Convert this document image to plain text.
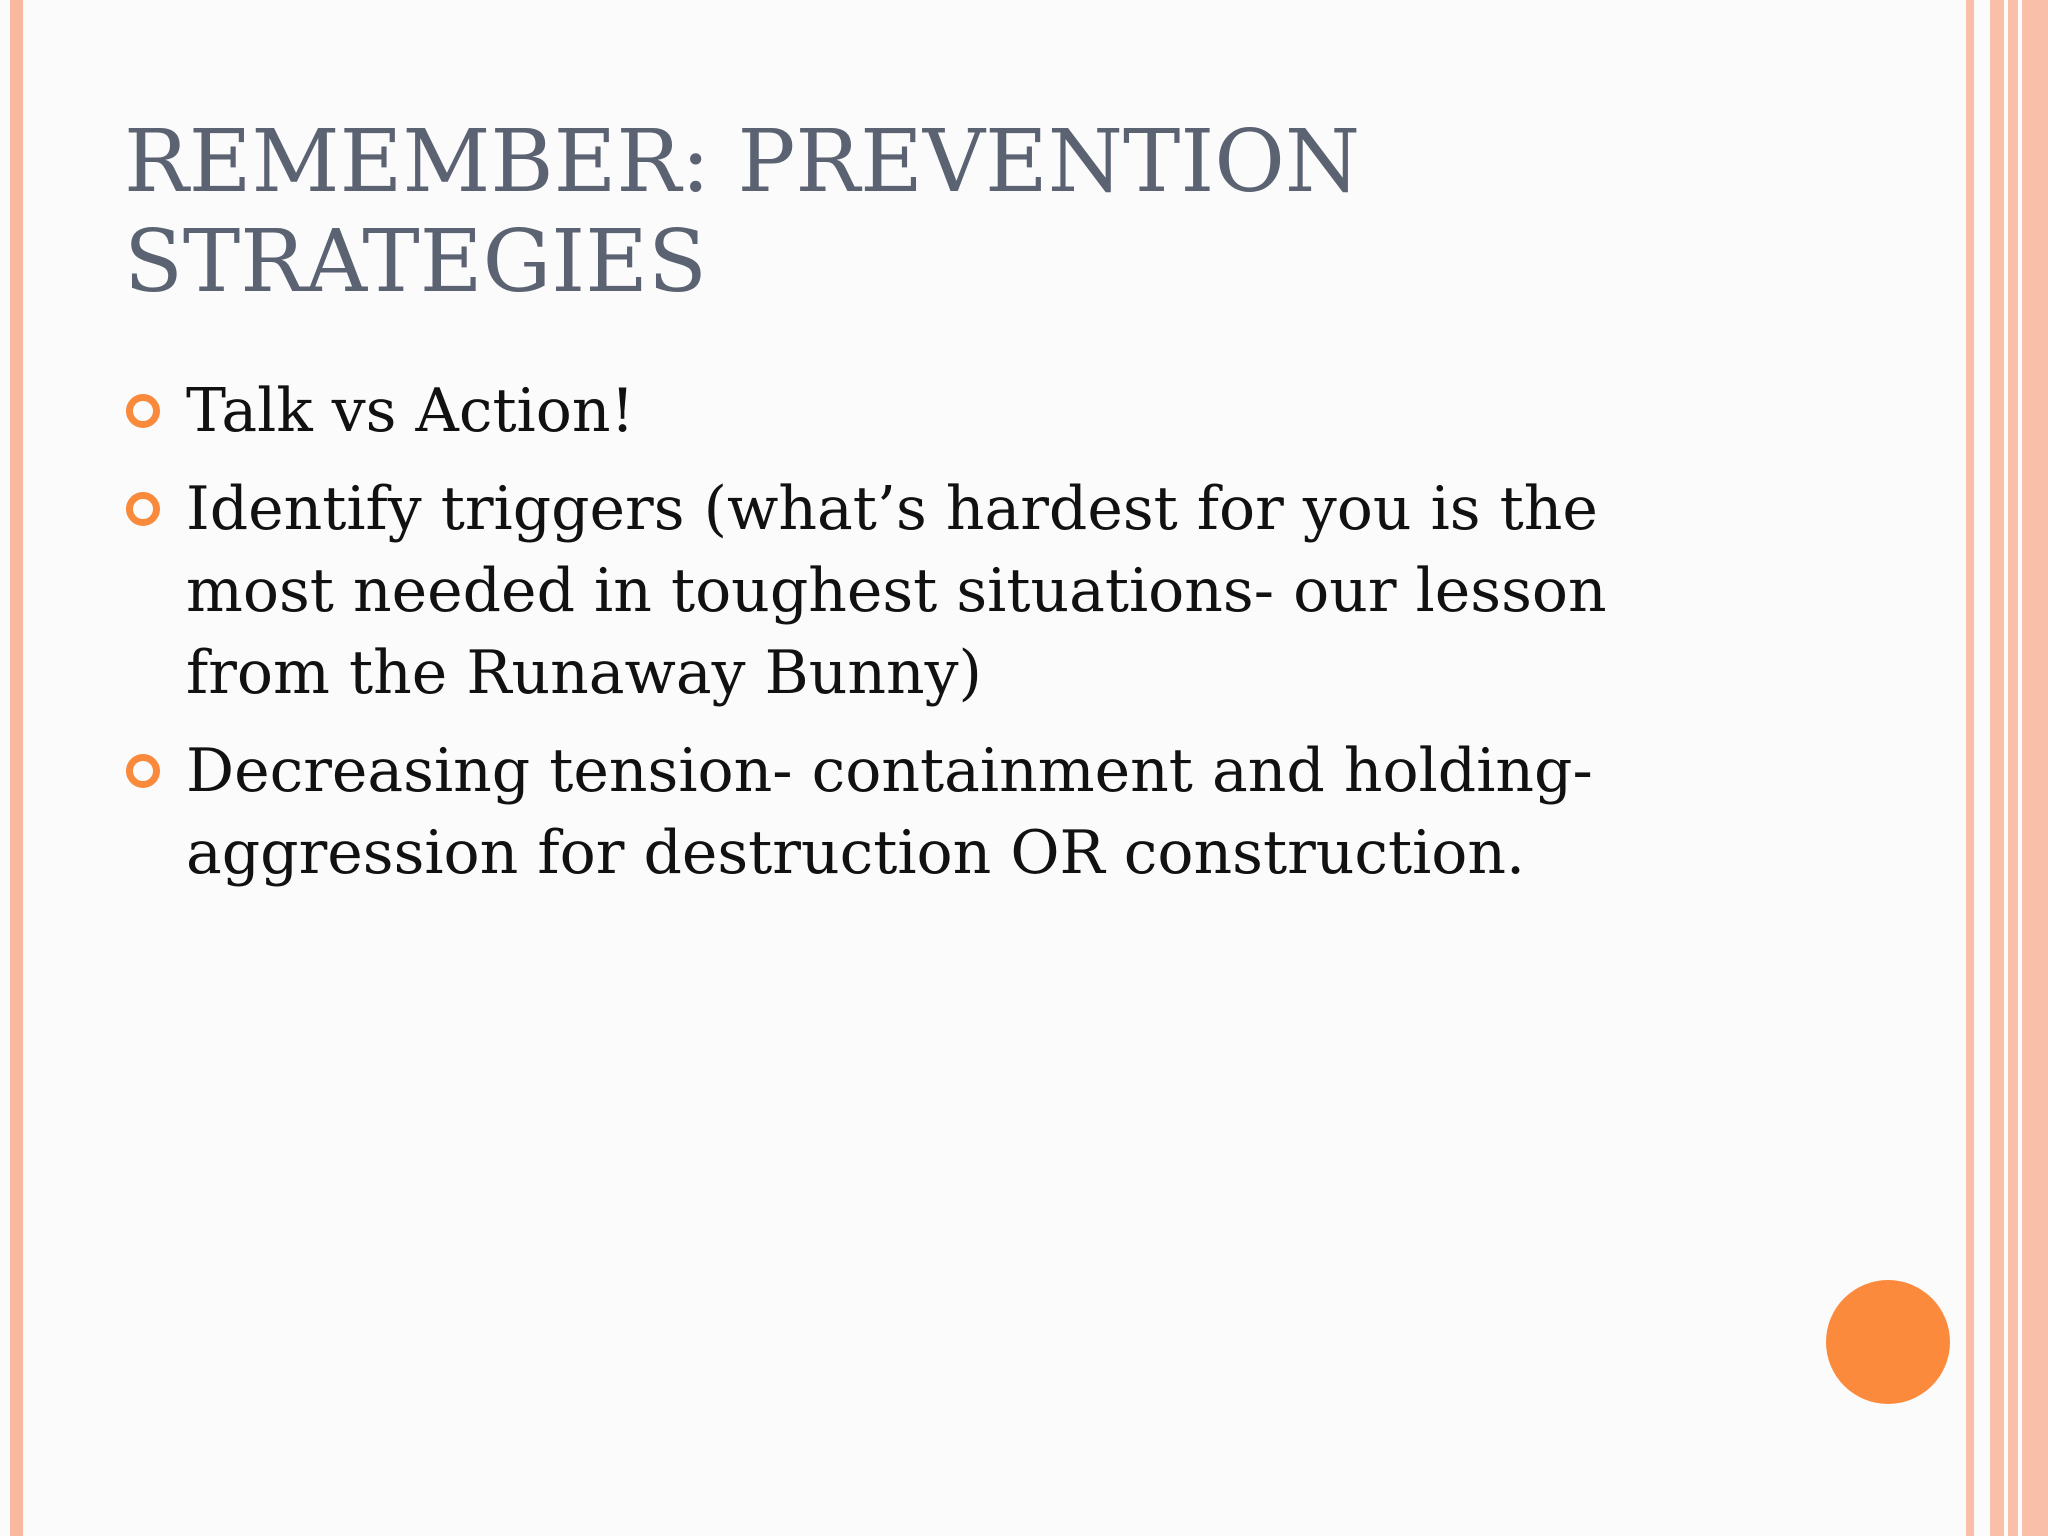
REMEMBER: PREVENTION STRATEGIES
Talk vs Action!
Identify triggers (what’s hardest for you is the most needed in toughest situations- our lesson from the Runaway Bunny)
Decreasing tension- containment and holding- aggression for destruction OR construction.
